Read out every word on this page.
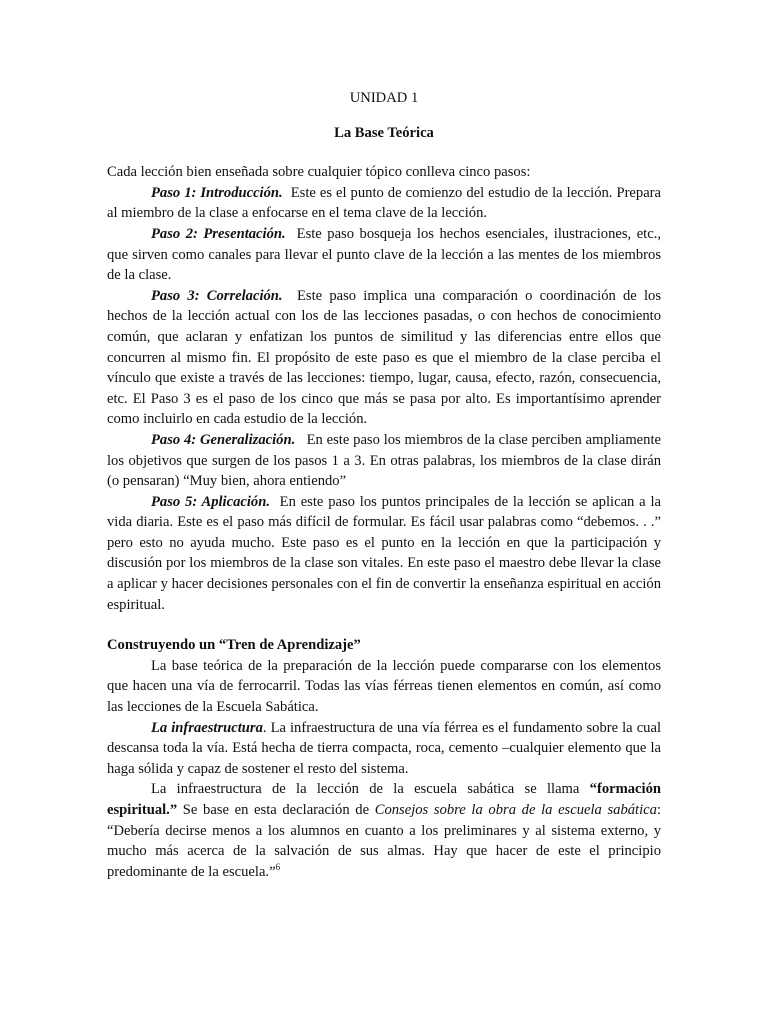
UNIDAD 1

La Base Teórica

Cada lección bien enseñada sobre cualquier tópico conlleva cinco pasos:

Paso 1: Introducción. Este es el punto de comienzo del estudio de la lección. Prepara al miembro de la clase a enfocarse en el tema clave de la lección.

Paso 2: Presentación. Este paso bosqueja los hechos esenciales, ilustraciones, etc., que sirven como canales para llevar el punto clave de la lección a las mentes de los miembros de la clase.

Paso 3: Correlación. Este paso implica una comparación o coordinación de los hechos de la lección actual con los de las lecciones pasadas, o con hechos de conocimiento común, que aclaran y enfatizan los puntos de similitud y las diferencias entre ellos que concurren al mismo fin. El propósito de este paso es que el miembro de la clase perciba el vínculo que existe a través de las lecciones: tiempo, lugar, causa, efecto, razón, consecuencia, etc. El Paso 3 es el paso de los cinco que más se pasa por alto. Es importantísimo aprender como incluirlo en cada estudio de la lección.

Paso 4: Generalización. En este paso los miembros de la clase perciben ampliamente los objetivos que surgen de los pasos 1 a 3. En otras palabras, los miembros de la clase dirán (o pensaran) “Muy bien, ahora entiendo”

Paso 5: Aplicación. En este paso los puntos principales de la lección se aplican a la vida diaria. Este es el paso más difícil de formular. Es fácil usar palabras como “debemos. . .” pero esto no ayuda mucho. Este paso es el punto en la lección en que la participación y discusión por los miembros de la clase son vitales. En este paso el maestro debe llevar la clase a aplicar y hacer decisiones personales con el fin de convertir la enseñanza espiritual en acción espiritual.

Construyendo un “Tren de Aprendizaje”

La base teórica de la preparación de la lección puede compararse con los elementos que hacen una vía de ferrocarril. Todas las vías férreas tienen elementos en común, así como las lecciones de la Escuela Sabática.

La infraestructura. La infraestructura de una vía férrea es el fundamento sobre la cual descansa toda la vía. Está hecha de tierra compacta, roca, cemento –cualquier elemento que la haga sólida y capaz de sostener el resto del sistema.

La infraestructura de la lección de la escuela sabática se llama “formación espiritual.” Se base en esta declaración de Consejos sobre la obra de la escuela sabática: “Debería decirse menos a los alumnos en cuanto a los preliminares y al sistema externo, y mucho más acerca de la salvación de sus almas. Hay que hacer de este el principio predominante de la escuela.”$^6$
